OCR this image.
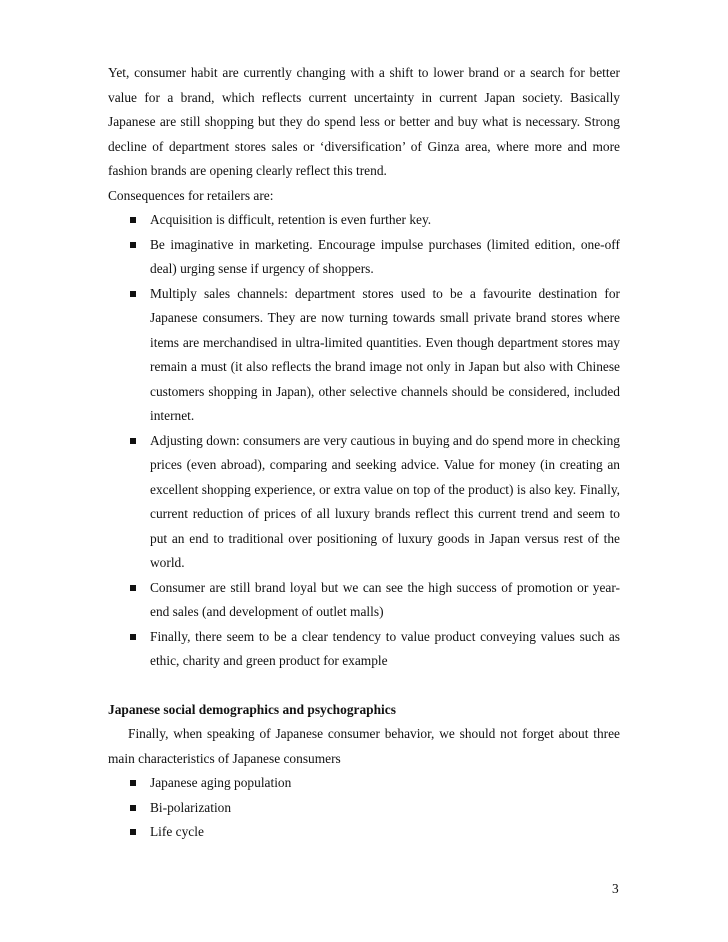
Yet, consumer habit are currently changing with a shift to lower brand or a search for better value for a brand, which reflects current uncertainty in current Japan society. Basically Japanese are still shopping but they do spend less or better and buy what is necessary. Strong decline of department stores sales or ‘diversification’ of Ginza area, where more and more fashion brands are opening clearly reflect this trend.

Consequences for retailers are:

Acquisition is difficult, retention is even further key.
Be imaginative in marketing. Encourage impulse purchases (limited edition, one-off deal) urging sense if urgency of shoppers.
Multiply sales channels: department stores used to be a favourite destination for Japanese consumers. They are now turning towards small private brand stores where items are merchandised in ultra-limited quantities. Even though department stores may remain a must (it also reflects the brand image not only in Japan but also with Chinese customers shopping in Japan), other selective channels should be considered, included internet.
Adjusting down: consumers are very cautious in buying and do spend more in checking prices (even abroad), comparing and seeking advice. Value for money (in creating an excellent shopping experience, or extra value on top of the product) is also key. Finally, current reduction of prices of all luxury brands reflect this current trend and seem to put an end to traditional over positioning of luxury goods in Japan versus rest of the world.
Consumer are still brand loyal but we can see the high success of promotion or year-end sales (and development of outlet malls)
Finally, there seem to be a clear tendency to value product conveying values such as ethic, charity and green product for example

Japanese social demographics and psychographics

Finally, when speaking of Japanese consumer behavior, we should not forget about three main characteristics of Japanese consumers

Japanese aging population
Bi-polarization
Life cycle
3
